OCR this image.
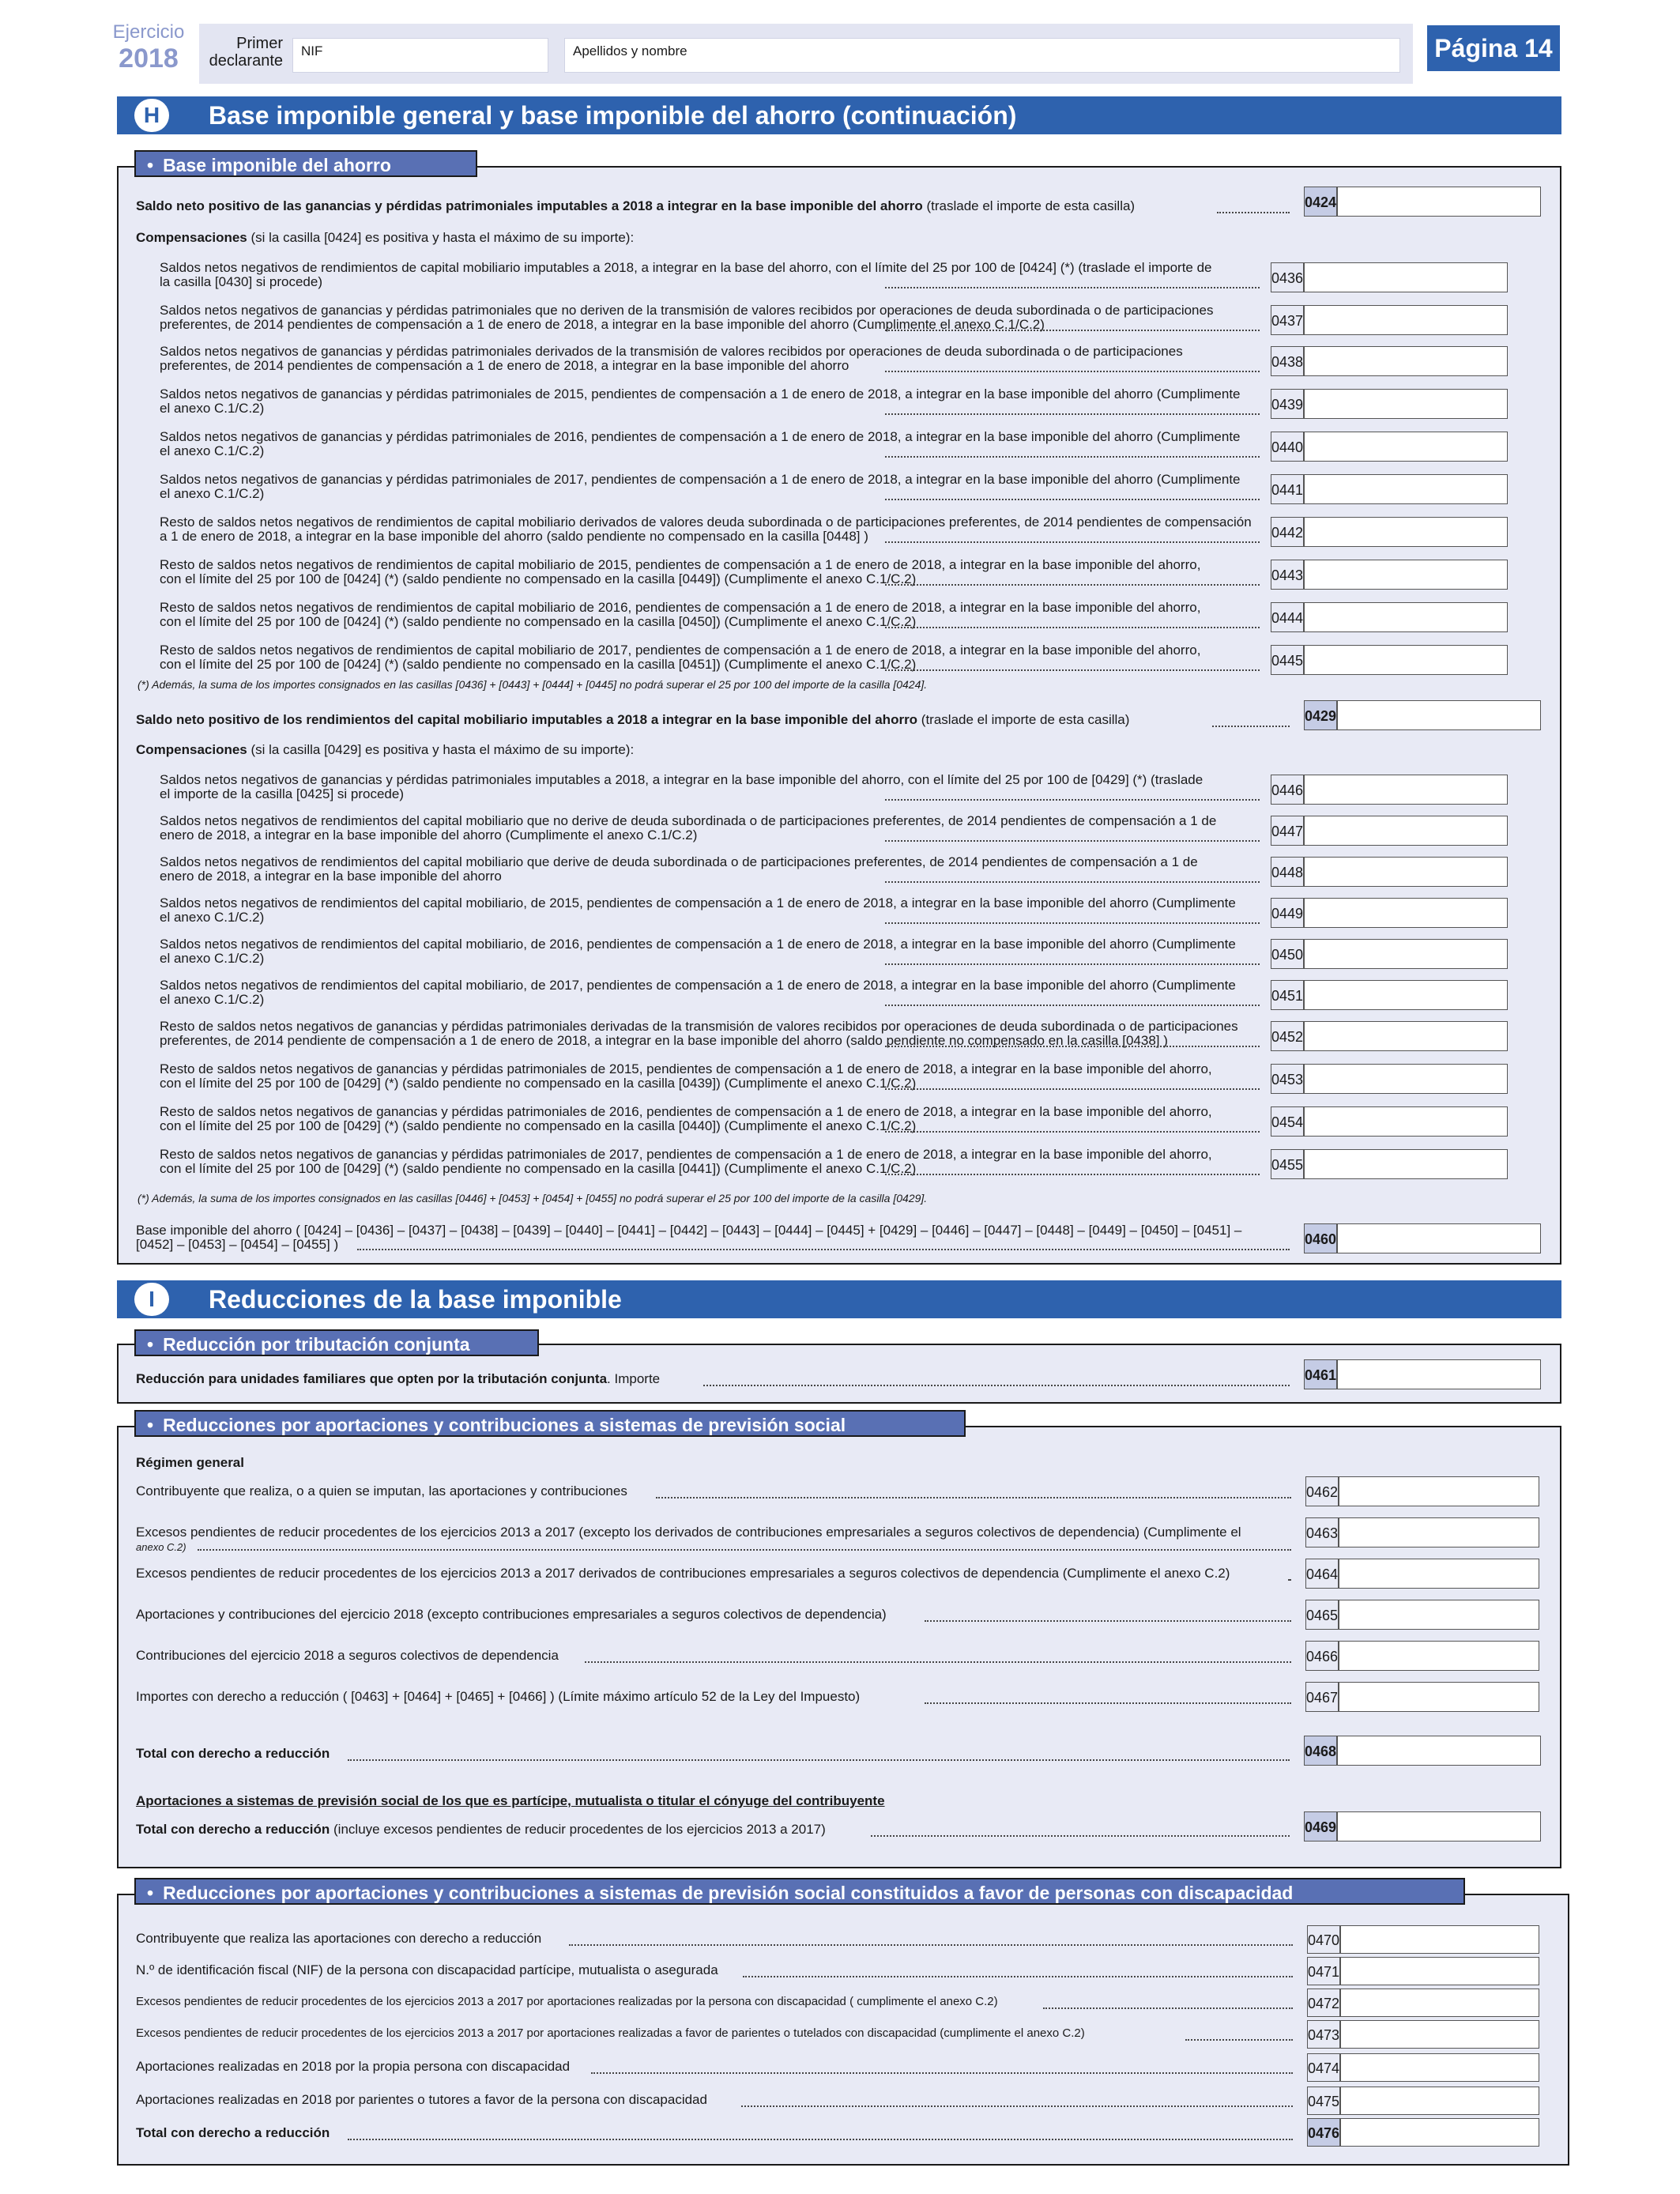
Ejercicio
2018	Primer declarante
NIF	Apellidos y nombre	Página 14
H	Base imponible general y base imponible del ahorro (continuación)
• Base imponible del ahorro
Saldo neto positivo de las ganancias y pérdidas patrimoniales imputables a 2018 a integrar en la base imponible del ahorro (traslade el importe de esta casilla)	0424
Compensaciones (si la casilla [0424] es positiva y hasta el máximo de su importe):
Saldos netos negativos de rendimientos de capital mobiliario imputables a 2018, a integrar en la base del ahorro, con el límite del 25 por 100 de [0424] (*) (traslade el importe de
la casilla [0430] si procede)	0436
Saldos netos negativos de ganancias y pérdidas patrimoniales que no deriven de la transmisión de valores recibidos por operaciones de deuda subordinada o de participaciones
preferentes, de 2014 pendientes de compensación a 1 de enero de 2018, a integrar en la base imponible del ahorro (Cumplimente el anexo C.1/C.2)	0437
Saldos netos negativos de ganancias y pérdidas patrimoniales derivados de la transmisión de valores recibidos por operaciones de deuda subordinada o de participaciones
preferentes, de 2014 pendientes de compensación a 1 de enero de 2018, a integrar en la base imponible del ahorro	0438
Saldos netos negativos de ganancias y pérdidas patrimoniales de 2015, pendientes de compensación a 1 de enero de 2018, a integrar en la base imponible del ahorro (Cumplimente
el anexo C.1/C.2)	0439
Saldos netos negativos de ganancias y pérdidas patrimoniales de 2016, pendientes de compensación a 1 de enero de 2018, a integrar en la base imponible del ahorro (Cumplimente
el anexo C.1/C.2)	0440
Saldos netos negativos de ganancias y pérdidas patrimoniales de 2017, pendientes de compensación a 1 de enero de 2018, a integrar en la base imponible del ahorro (Cumplimente
el anexo C.1/C.2)	0441
Resto de saldos netos negativos de rendimientos de capital mobiliario derivados de valores deuda subordinada o de participaciones preferentes, de 2014 pendientes de compensación
a 1 de enero de 2018, a integrar en la base imponible del ahorro (saldo pendiente no compensado en la casilla [0448] )	0442
Resto de saldos netos negativos de rendimientos de capital mobiliario de 2015, pendientes de compensación a 1 de enero de 2018, a integrar en la base imponible del ahorro,
con el límite del 25 por 100 de [0424] (*) (saldo pendiente no compensado en la casilla [0449]) (Cumplimente el anexo C.1/C.2)	0443
Resto de saldos netos negativos de rendimientos de capital mobiliario de 2016, pendientes de compensación a 1 de enero de 2018, a integrar en la base imponible del ahorro,
con el límite del 25 por 100 de [0424] (*) (saldo pendiente no compensado en la casilla [0450]) (Cumplimente el anexo C.1/C.2)	0444
Resto de saldos netos negativos de rendimientos de capital mobiliario de 2017, pendientes de compensación a 1 de enero de 2018, a integrar en la base imponible del ahorro,
con el límite del 25 por 100 de [0424] (*) (saldo pendiente no compensado en la casilla [0451]) (Cumplimente el anexo C.1/C.2)	0445
(*) Además, la suma de los importes consignados en las casillas [0436] + [0443] + [0444] + [0445] no podrá superar el 25 por 100 del importe de la casilla [0424].
Saldo neto positivo de los rendimientos del capital mobiliario imputables a 2018 a integrar en la base imponible del ahorro (traslade el importe de esta casilla)	0429
Compensaciones (si la casilla [0429] es positiva y hasta el máximo de su importe):
Saldos netos negativos de ganancias y pérdidas patrimoniales imputables a 2018, a integrar en la base imponible del ahorro, con el límite del 25 por 100 de [0429] (*) (traslade
el importe de la casilla [0425] si procede)	0446
Saldos netos negativos de rendimientos del capital mobiliario que no derive de deuda subordinada o de participaciones preferentes, de 2014 pendientes de compensación a 1 de
enero de 2018, a integrar en la base imponible del ahorro (Cumplimente el anexo C.1/C.2)	0447
Saldos netos negativos de rendimientos del capital mobiliario que derive de deuda subordinada o de participaciones preferentes, de 2014 pendientes de compensación a 1 de
enero de 2018, a integrar en la base imponible del ahorro	0448
Saldos netos negativos de rendimientos del capital mobiliario, de 2015, pendientes de compensación a 1 de enero de 2018, a integrar en la base imponible del ahorro (Cumplimente
el anexo C.1/C.2)	0449
Saldos netos negativos de rendimientos del capital mobiliario, de 2016, pendientes de compensación a 1 de enero de 2018, a integrar en la base imponible del ahorro (Cumplimente
el anexo C.1/C.2)	0450
Saldos netos negativos de rendimientos del capital mobiliario, de 2017, pendientes de compensación a 1 de enero de 2018, a integrar en la base imponible del ahorro (Cumplimente
el anexo C.1/C.2)	0451
Resto de saldos netos negativos de ganancias y pérdidas patrimoniales derivadas de la transmisión de valores recibidos por operaciones de deuda subordinada o de participaciones
preferentes, de 2014 pendiente de compensación a 1 de enero de 2018, a integrar en la base imponible del ahorro (saldo pendiente no compensado en la casilla [0438] )	0452
Resto de saldos netos negativos de ganancias y pérdidas patrimoniales de 2015, pendientes de compensación a 1 de enero de 2018, a integrar en la base imponible del ahorro,
con el límite del 25 por 100 de [0429] (*) (saldo pendiente no compensado en la casilla [0439]) (Cumplimente el anexo C.1/C.2)	0453
Resto de saldos netos negativos de ganancias y pérdidas patrimoniales de 2016, pendientes de compensación a 1 de enero de 2018, a integrar en la base imponible del ahorro,
con el límite del 25 por 100 de [0429] (*) (saldo pendiente no compensado en la casilla [0440]) (Cumplimente el anexo C.1/C.2)	0454
Resto de saldos netos negativos de ganancias y pérdidas patrimoniales de 2017, pendientes de compensación a 1 de enero de 2018, a integrar en la base imponible del ahorro,
con el límite del 25 por 100 de [0429] (*) (saldo pendiente no compensado en la casilla [0441]) (Cumplimente el anexo C.1/C.2)	0455
(*) Además, la suma de los importes consignados en las casillas [0446] + [0453] + [0454] + [0455] no podrá superar el 25 por 100 del importe de la casilla [0429].
Base imponible del ahorro ( [0424] – [0436] – [0437] – [0438] – [0439] – [0440] – [0441] – [0442] – [0443] – [0444] – [0445] + [0429] – [0446] – [0447] – [0448] – [0449] – [0450] – [0451] –
[0452] – [0453] – [0454] – [0455] )	0460
I	Reducciones de la base imponible
• Reducción por tributación conjunta
• Reducciones por aportaciones y contribuciones a sistemas de previsión social
• Reducciones por aportaciones y contribuciones a sistemas de previsión social constituidos a favor de personas con discapacidad
Reducción para unidades familiares que opten por la tributación conjunta. Importe	0461
Régimen general
Contribuyente que realiza, o a quien se imputan, las aportaciones y contribuciones	0462
Excesos pendientes de reducir procedentes de los ejercicios 2013 a 2017 (excepto los derivados de contribuciones empresariales a seguros colectivos de dependencia) (Cumplimente el
anexo C.2)
0463
Excesos pendientes de reducir procedentes de los ejercicios 2013 a 2017 derivados de contribuciones empresariales a seguros colectivos de dependencia (Cumplimente el anexo C.2)	0464
Aportaciones y contribuciones del ejercicio 2018 (excepto contribuciones empresariales a seguros colectivos de dependencia)	0465
Contribuciones del ejercicio 2018 a seguros colectivos de dependencia	0466
Importes con derecho a reducción ( [0463] + [0464] + [0465] + [0466] ) (Límite máximo artículo 52 de la Ley del Impuesto)	0467
Total con derecho a reducción	0468
Aportaciones a sistemas de previsión social de los que es partícipe, mutualista o titular el cónyuge del contribuyente
Total con derecho a reducción (incluye excesos pendientes de reducir procedentes de los ejercicios 2013 a 2017)	0469
Contribuyente que realiza las aportaciones con derecho a reducción	0470
N.º de identificación fiscal (NIF) de la persona con discapacidad partícipe, mutualista o asegurada	0471
Excesos pendientes de reducir procedentes de los ejercicios 2013 a 2017 por aportaciones realizadas por la persona con discapacidad ( cumplimente el anexo C.2)	0472
Excesos pendientes de reducir procedentes de los ejercicios 2013 a 2017 por aportaciones realizadas a favor de parientes o tutelados con discapacidad (cumplimente el anexo C.2)	0473
Aportaciones realizadas en 2018 por la propia persona con discapacidad	0474
Aportaciones realizadas en 2018 por parientes o tutores a favor de la persona con discapacidad	0475
Total con derecho a reducción	0476
